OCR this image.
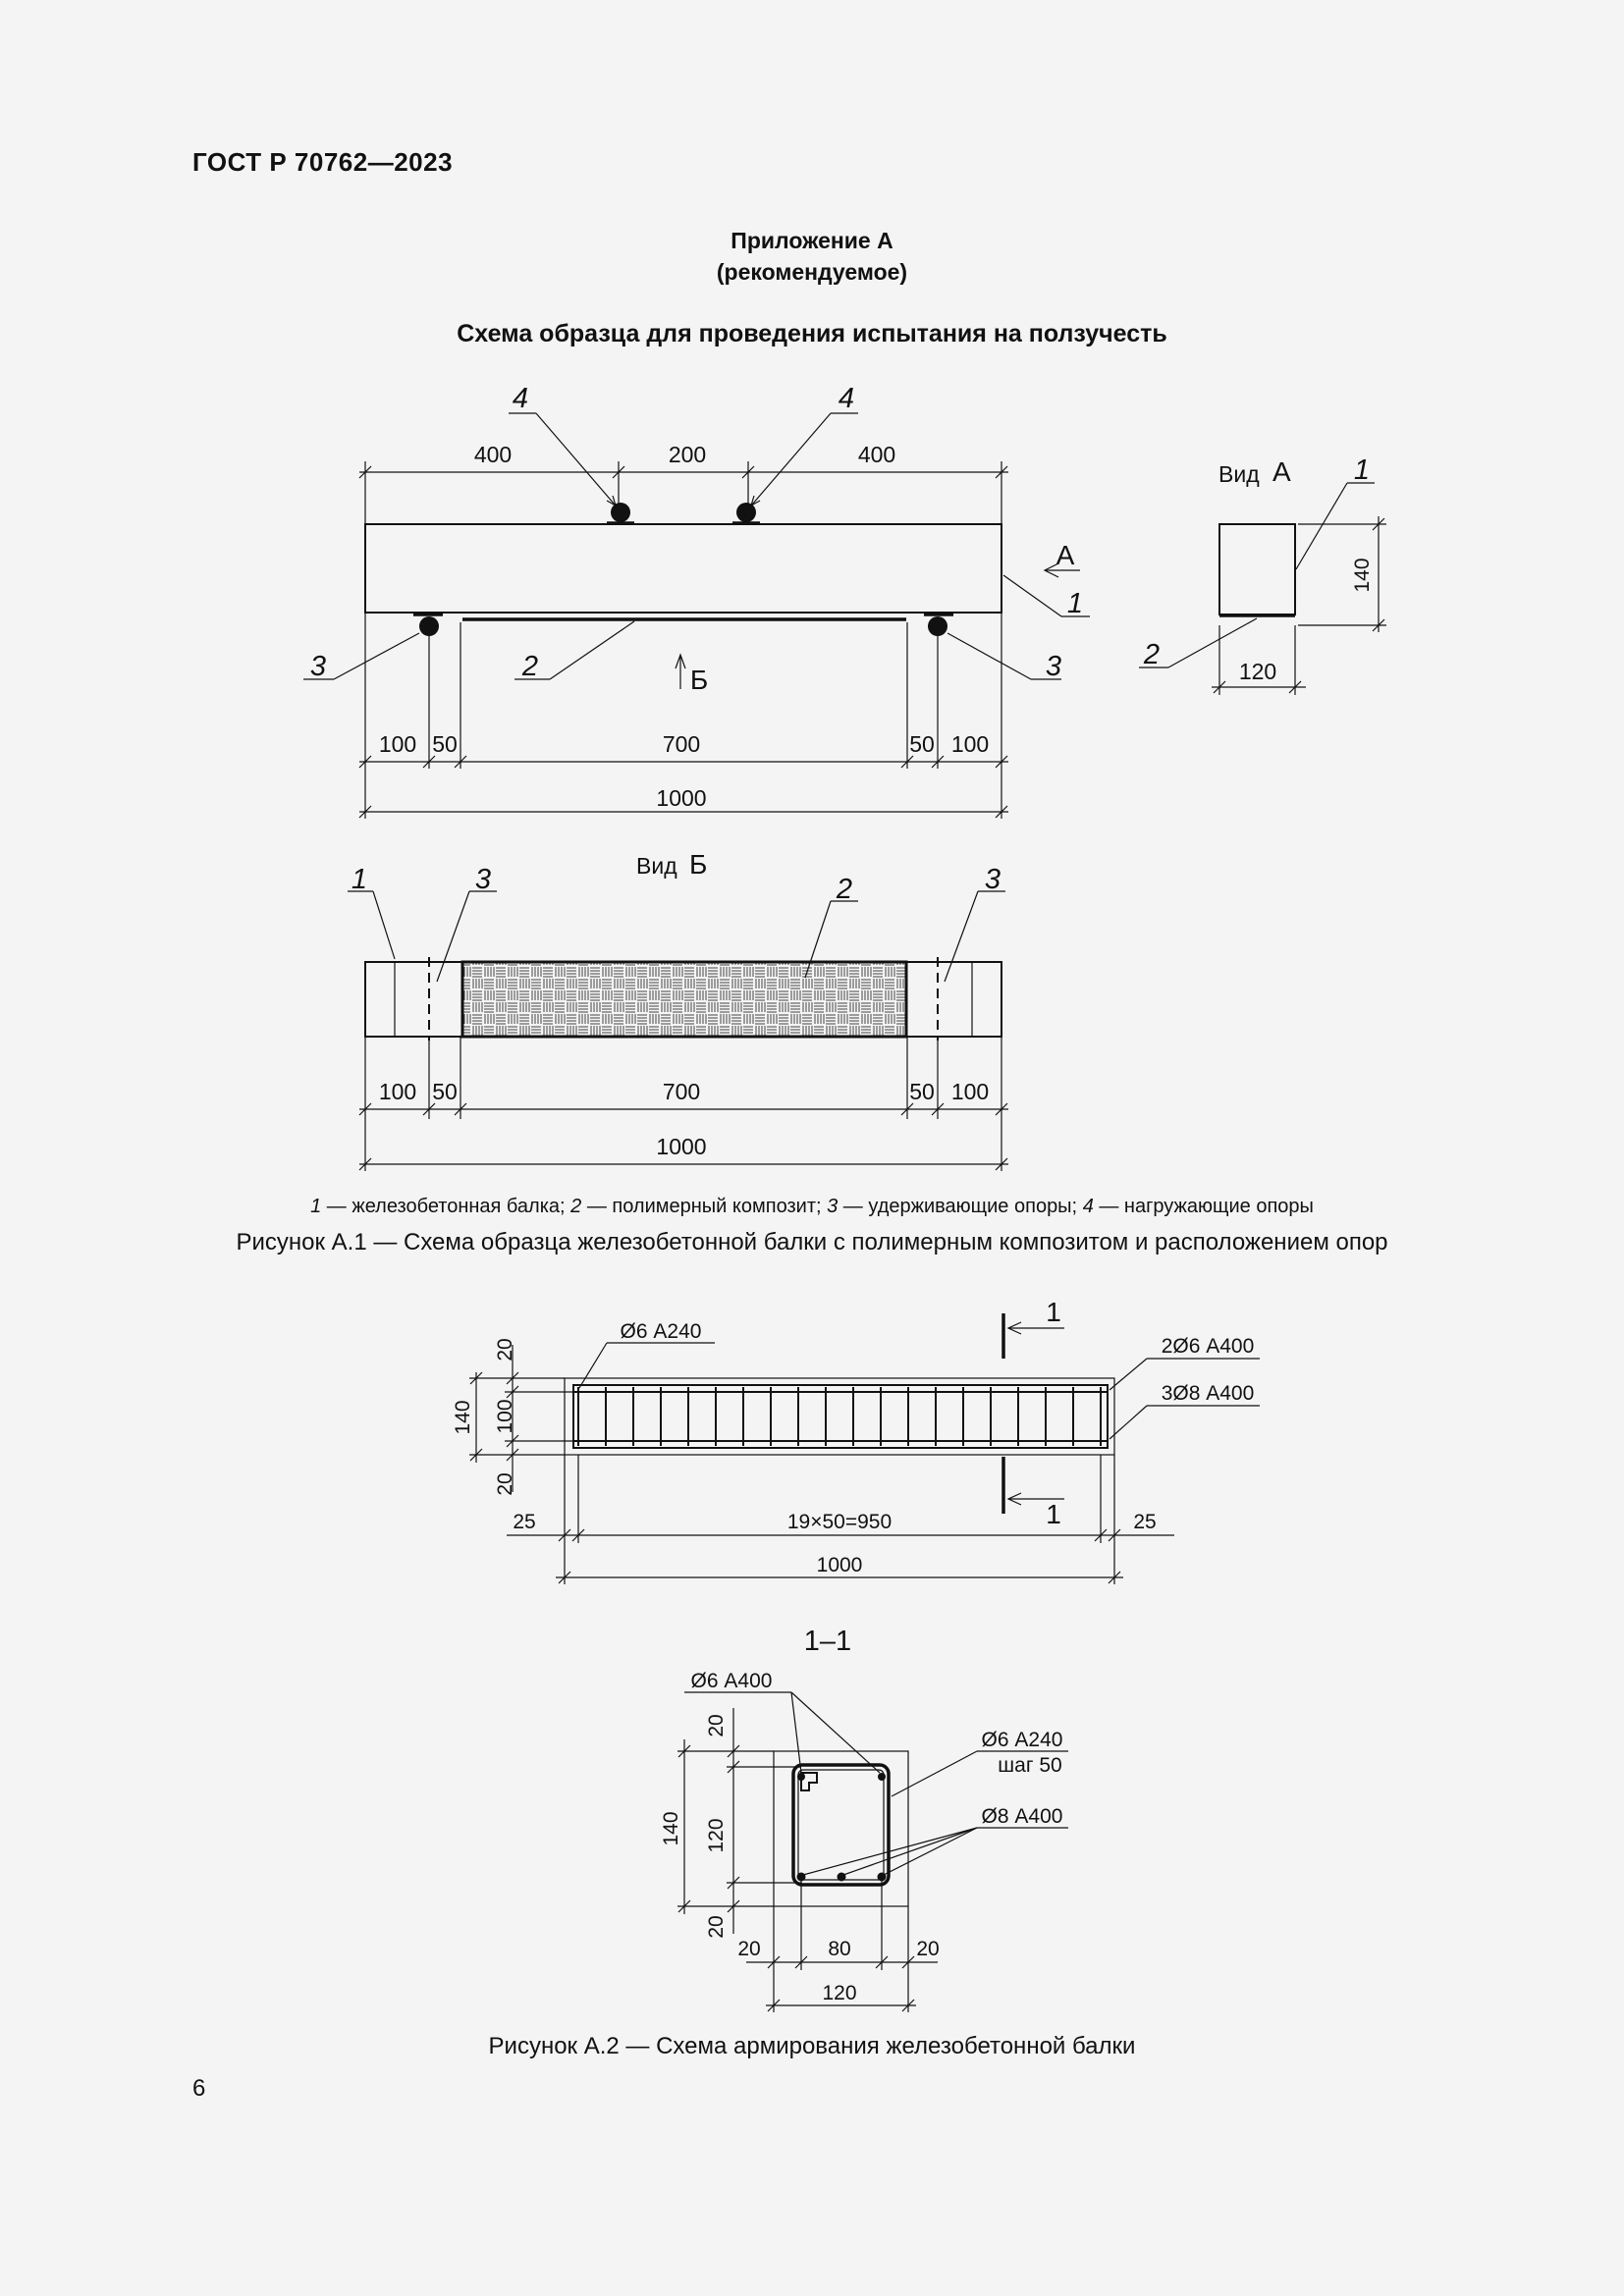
ГОСТ Р 70762—2023
Приложение А
(рекомендуемое)
Схема образца для проведения испытания на ползучесть
400	200	400
4	4
3	3
2
1
А
Б
100 50	700	50 100
1000
Вид А 1
2
140
120
Вид Б
1	3	2	3
100 50	700	50 100
1000
1
1
Ø6 А240
2Ø6 А400
3Ø8 А400
20
140 100
20
25	19×50=950	25
1000
1–1
Ø6 А400
Ø6 А240
шаг 50
Ø8 А400
20
140 120
20
20	80	20
120
1 — железобетонная балка; 2 — полимерный композит; 3 — удерживающие опоры; 4 — нагружающие опоры
Рисунок А.1 — Схема образца железобетонной балки с полимерным композитом и расположением опор
Рисунок А.2 — Схема армирования железобетонной балки
6
